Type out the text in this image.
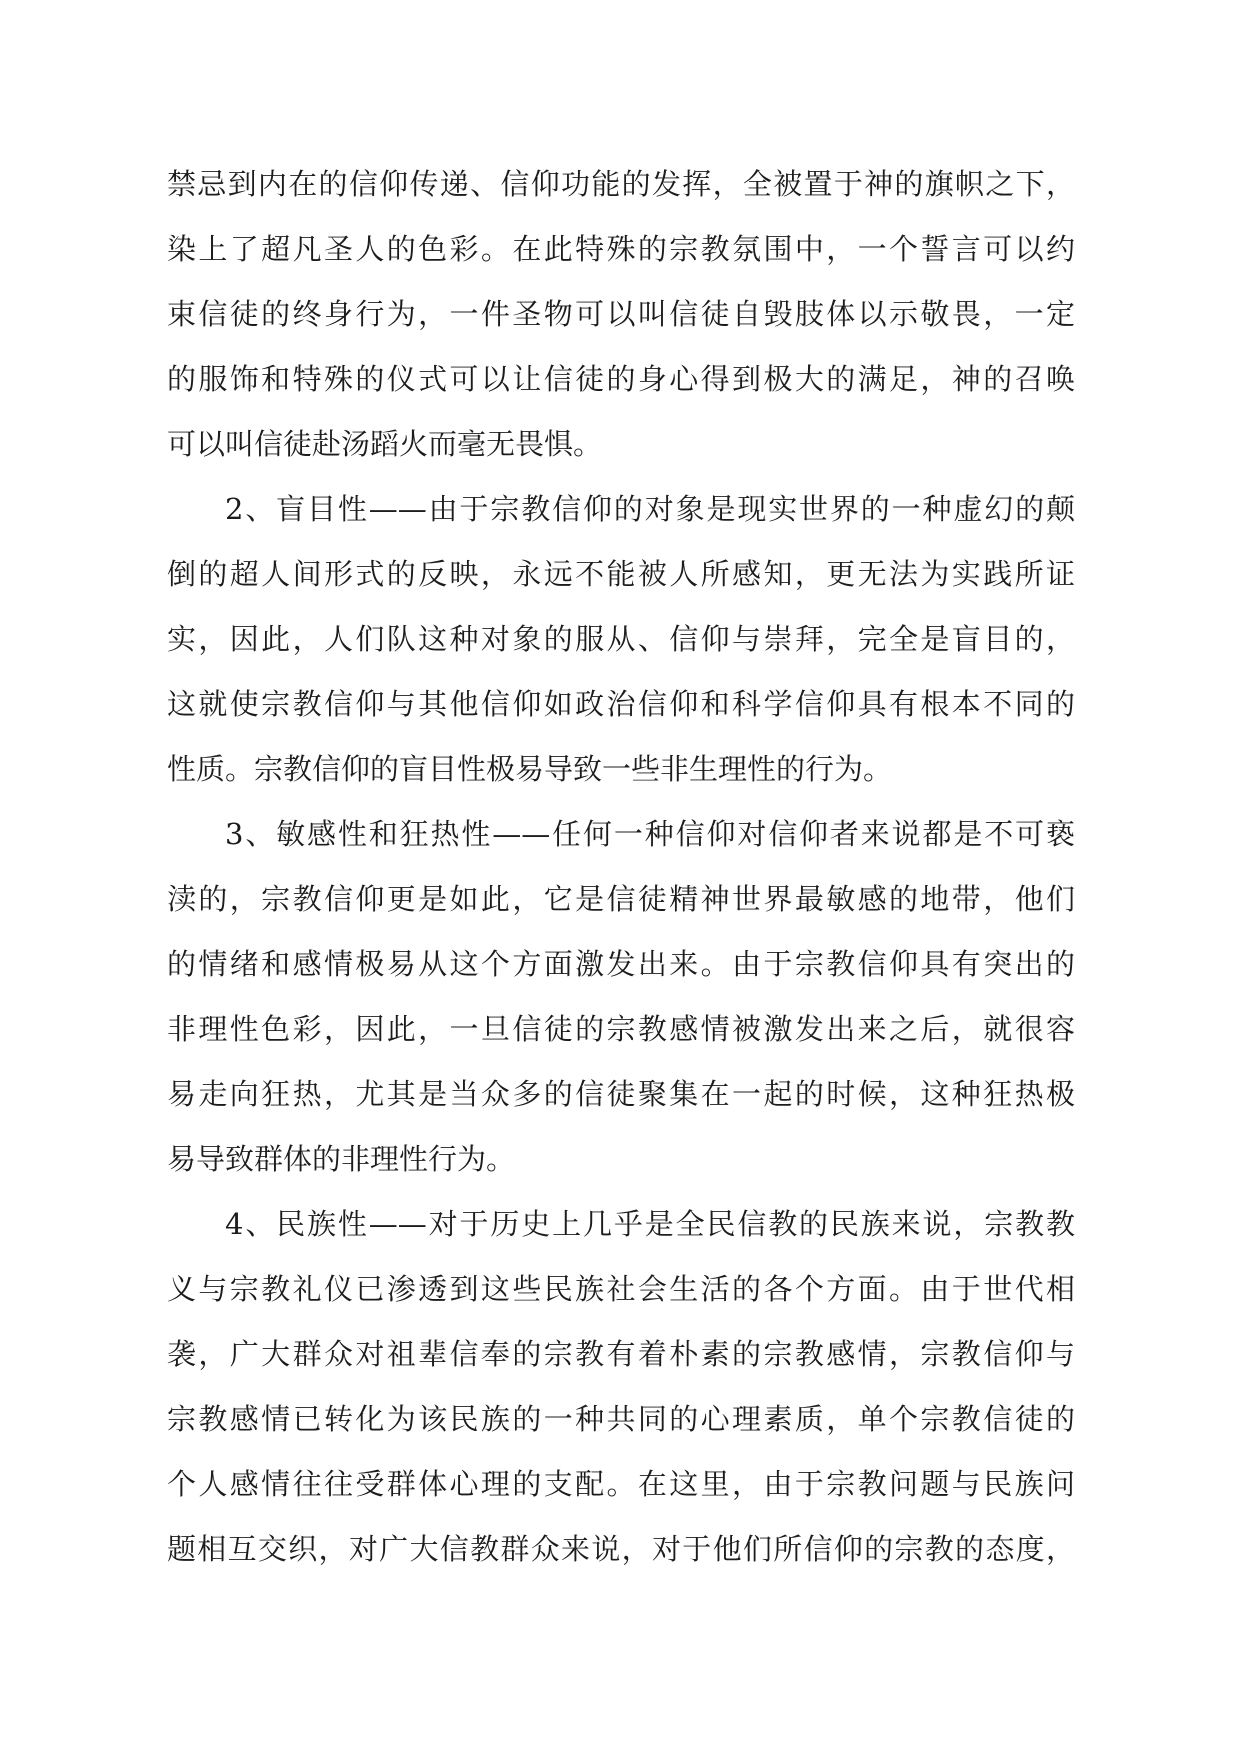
禁忌到内在的信仰传递、信仰功能的发挥，全被置于神的旗帜之下，
染上了超凡圣人的色彩。在此特殊的宗教氛围中，一个誓言可以约
束信徒的终身行为，一件圣物可以叫信徒自毁肢体以示敬畏，一定
的服饰和特殊的仪式可以让信徒的身心得到极大的满足，神的召唤
可以叫信徒赴汤蹈火而毫无畏惧。
2、盲目性——由于宗教信仰的对象是现实世界的一种虚幻的颠
倒的超人间形式的反映，永远不能被人所感知，更无法为实践所证
实，因此，人们队这种对象的服从、信仰与崇拜，完全是盲目的，
这就使宗教信仰与其他信仰如政治信仰和科学信仰具有根本不同的
性质。宗教信仰的盲目性极易导致一些非生理性的行为。
3、敏感性和狂热性——任何一种信仰对信仰者来说都是不可亵
渎的，宗教信仰更是如此，它是信徒精神世界最敏感的地带，他们
的情绪和感情极易从这个方面激发出来。由于宗教信仰具有突出的
非理性色彩，因此，一旦信徒的宗教感情被激发出来之后，就很容
易走向狂热，尤其是当众多的信徒聚集在一起的时候，这种狂热极
易导致群体的非理性行为。
4、民族性——对于历史上几乎是全民信教的民族来说，宗教教
义与宗教礼仪已渗透到这些民族社会生活的各个方面。由于世代相
袭，广大群众对祖辈信奉的宗教有着朴素的宗教感情，宗教信仰与
宗教感情已转化为该民族的一种共同的心理素质，单个宗教信徒的
个人感情往往受群体心理的支配。在这里，由于宗教问题与民族问
题相互交织，对广大信教群众来说，对于他们所信仰的宗教的态度，
